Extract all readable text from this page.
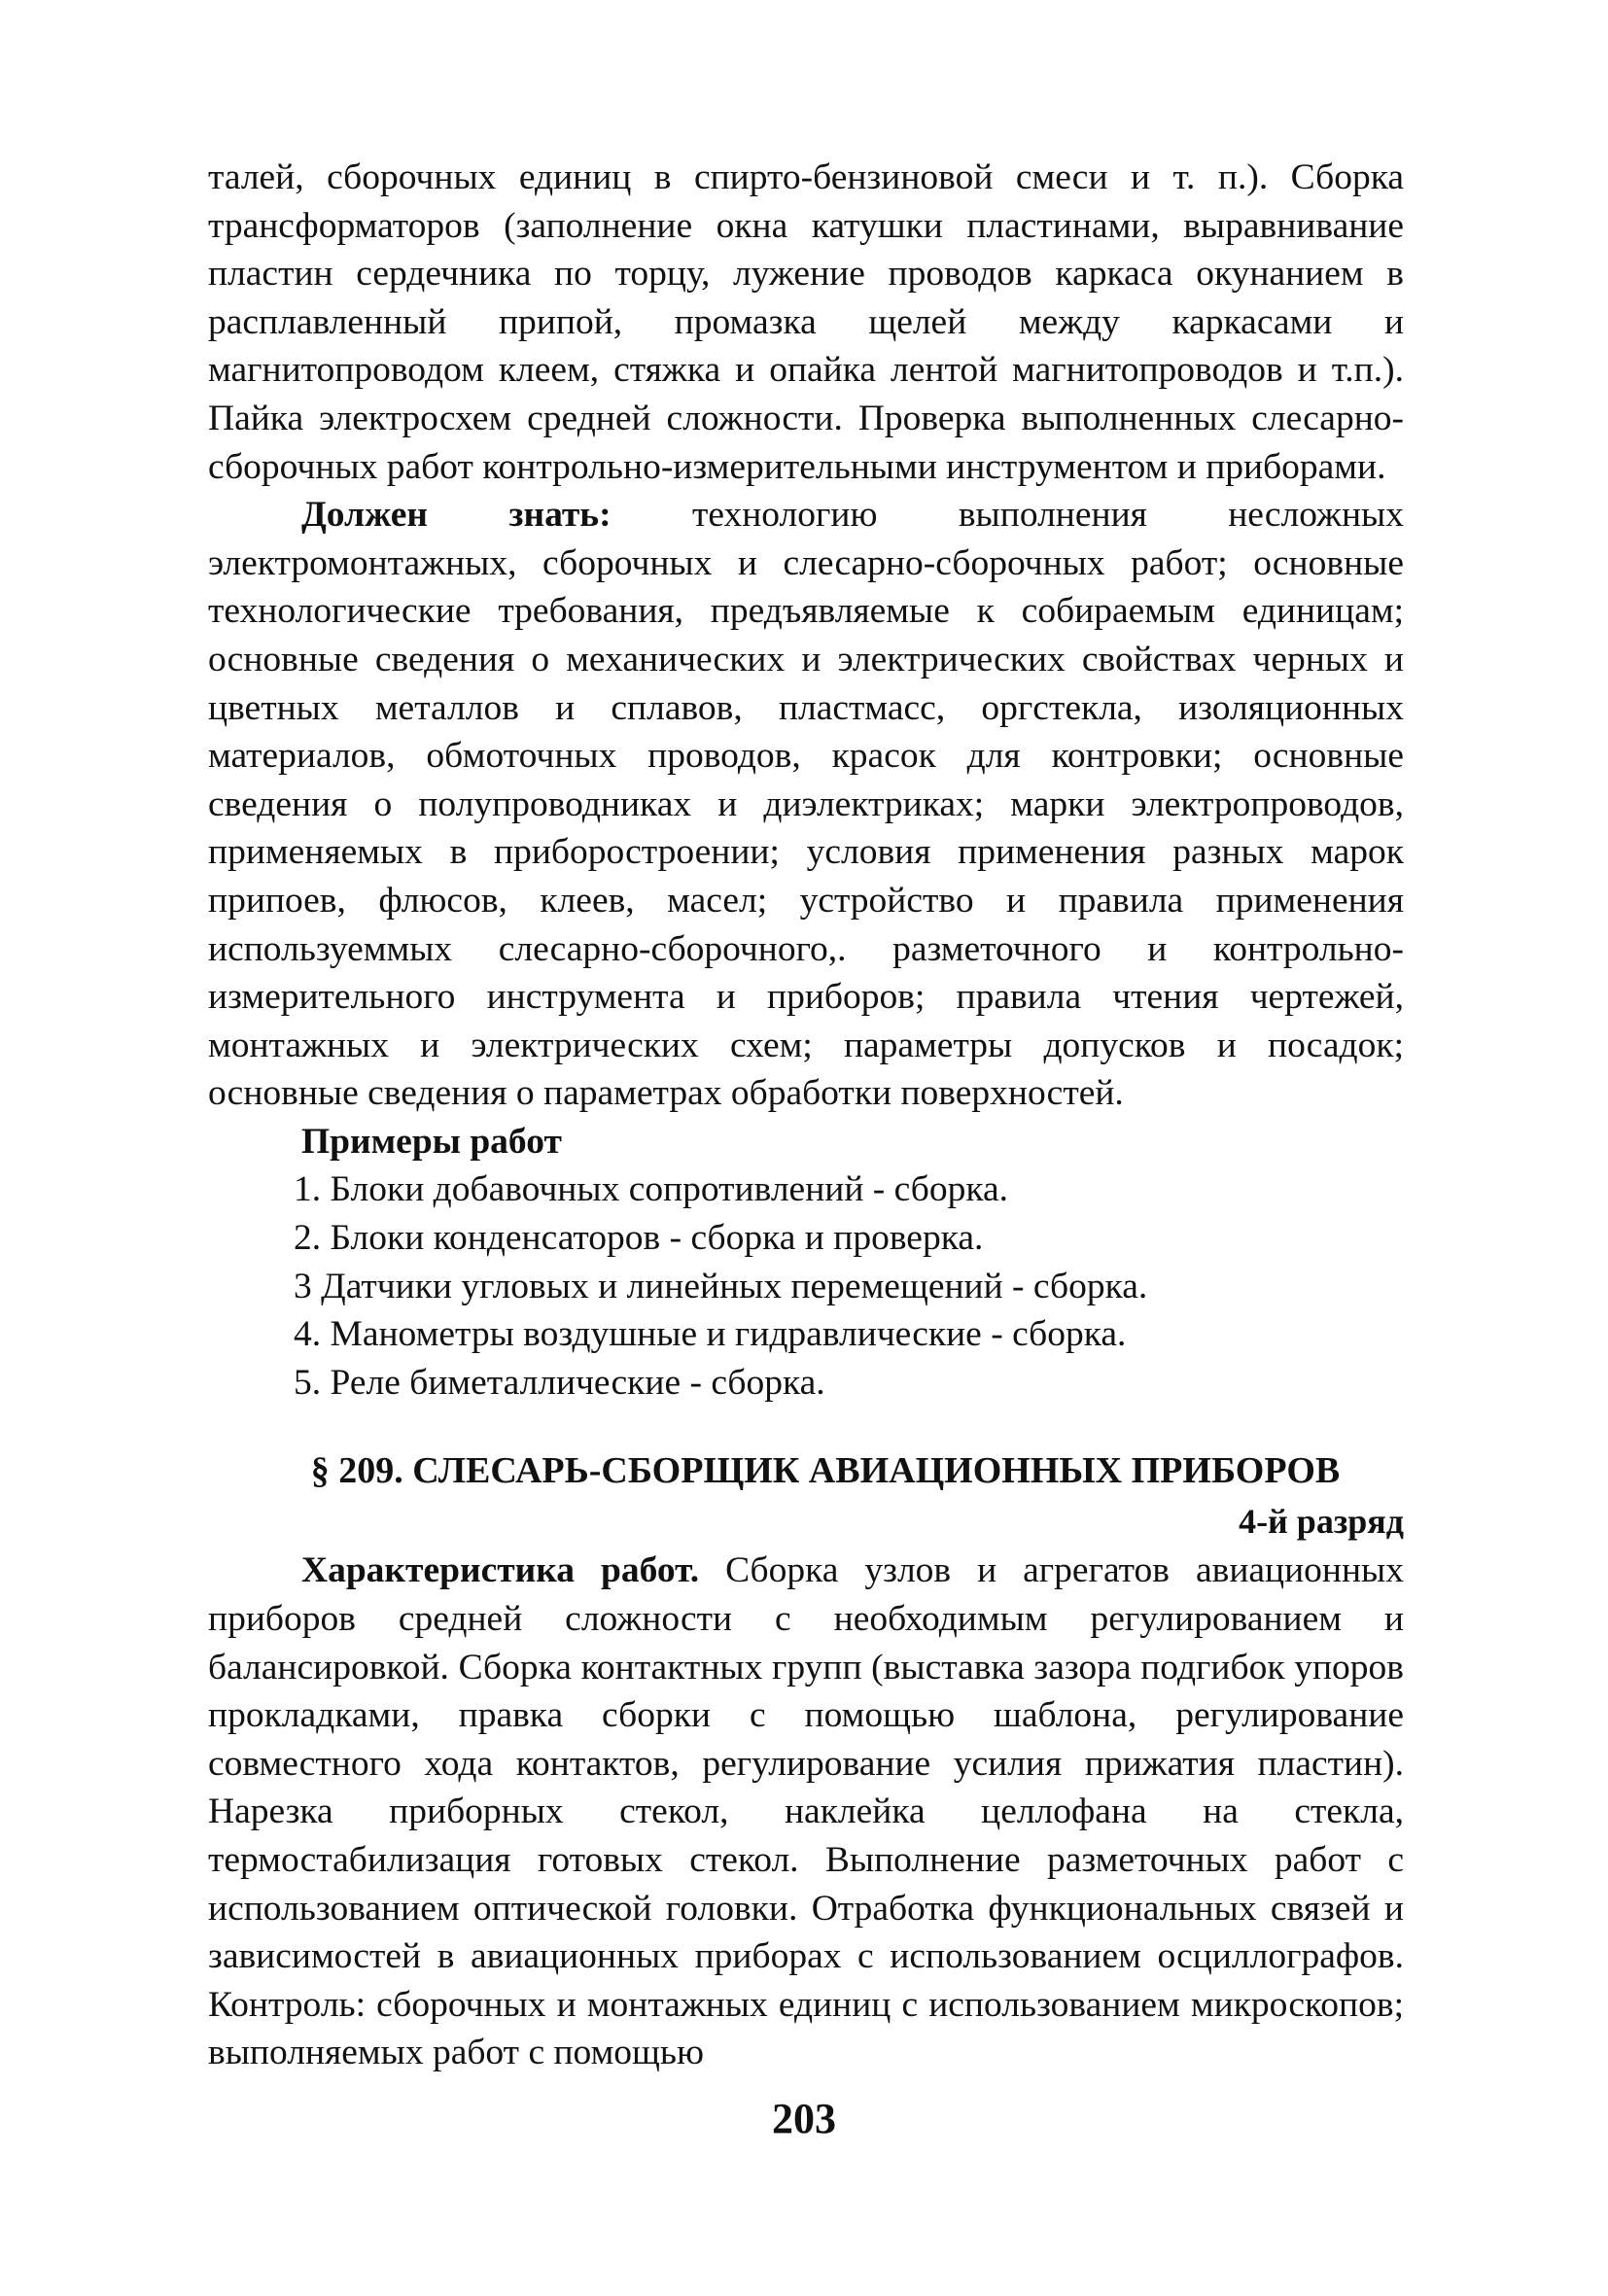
талей, сборочных единиц в спирто-бензиновой смеси и т. п.). Сборка трансформаторов (заполнение окна катушки пластинами, выравнивание пластин сердечника по торцу, лужение проводов каркаса окунанием в расплавленный припой, промазка щелей между каркасами и магнитопроводом клеем, стяжка и опайка лентой магнитопроводов и т.п.). Пайка электросхем средней сложности. Проверка выполненных слесарно-сборочных работ контрольно-измерительными инструментом и приборами.

Должен знать: технологию выполнения несложных электромонтажных, сборочных и слесарно-сборочных работ; основные технологические требования, предъявляемые к собираемым единицам; основные сведения о механических и электрических свойствах черных и цветных металлов и сплавов, пластмасс, оргстекла, изоляционных материалов, обмоточных проводов, красок для контровки; основные сведения о полупроводниках и диэлектриках; марки электропроводов, применяемых в приборостроении; условия применения разных марок припоев, флюсов, клеев, масел; устройство и правила применения используеммых слесарно-сборочного,. разметочного и контрольно- измерительного инструмента и приборов; правила чтения чертежей, монтажных и электрических схем; параметры допусков и посадок; основные сведения о параметрах обработки поверхностей.

Примеры работ

1. Блоки добавочных сопротивлений - сборка.
2. Блоки конденсаторов - сборка и проверка.
3 Датчики угловых и линейных перемещений - сборка.
4. Манометры воздушные и гидравлические - сборка.
5. Реле биметаллические - сборка.

§ 209. СЛЕСАРЬ-СБОРЩИК АВИАЦИОННЫХ ПРИБОРОВ

4-й разряд

Характеристика работ. Сборка узлов и агрегатов авиационных приборов средней сложности с необходимым регулированием и балансировкой. Сборка контактных групп (выставка зазора подгибок упоров прокладками, правка сборки с помощью шаблона, регулирование совместного хода контактов, регулирование усилия прижатия пластин). Нарезка приборных стекол, наклейка целлофана на стекла, термостабилизация готовых стекол. Выполнение разметочных работ с использованием оптической головки. Отработка функциональных связей и зависимостей в авиационных приборах с использованием осциллографов. Контроль: сборочных и монтажных единиц с использованием микроскопов; выполняемых работ с помощью

203
